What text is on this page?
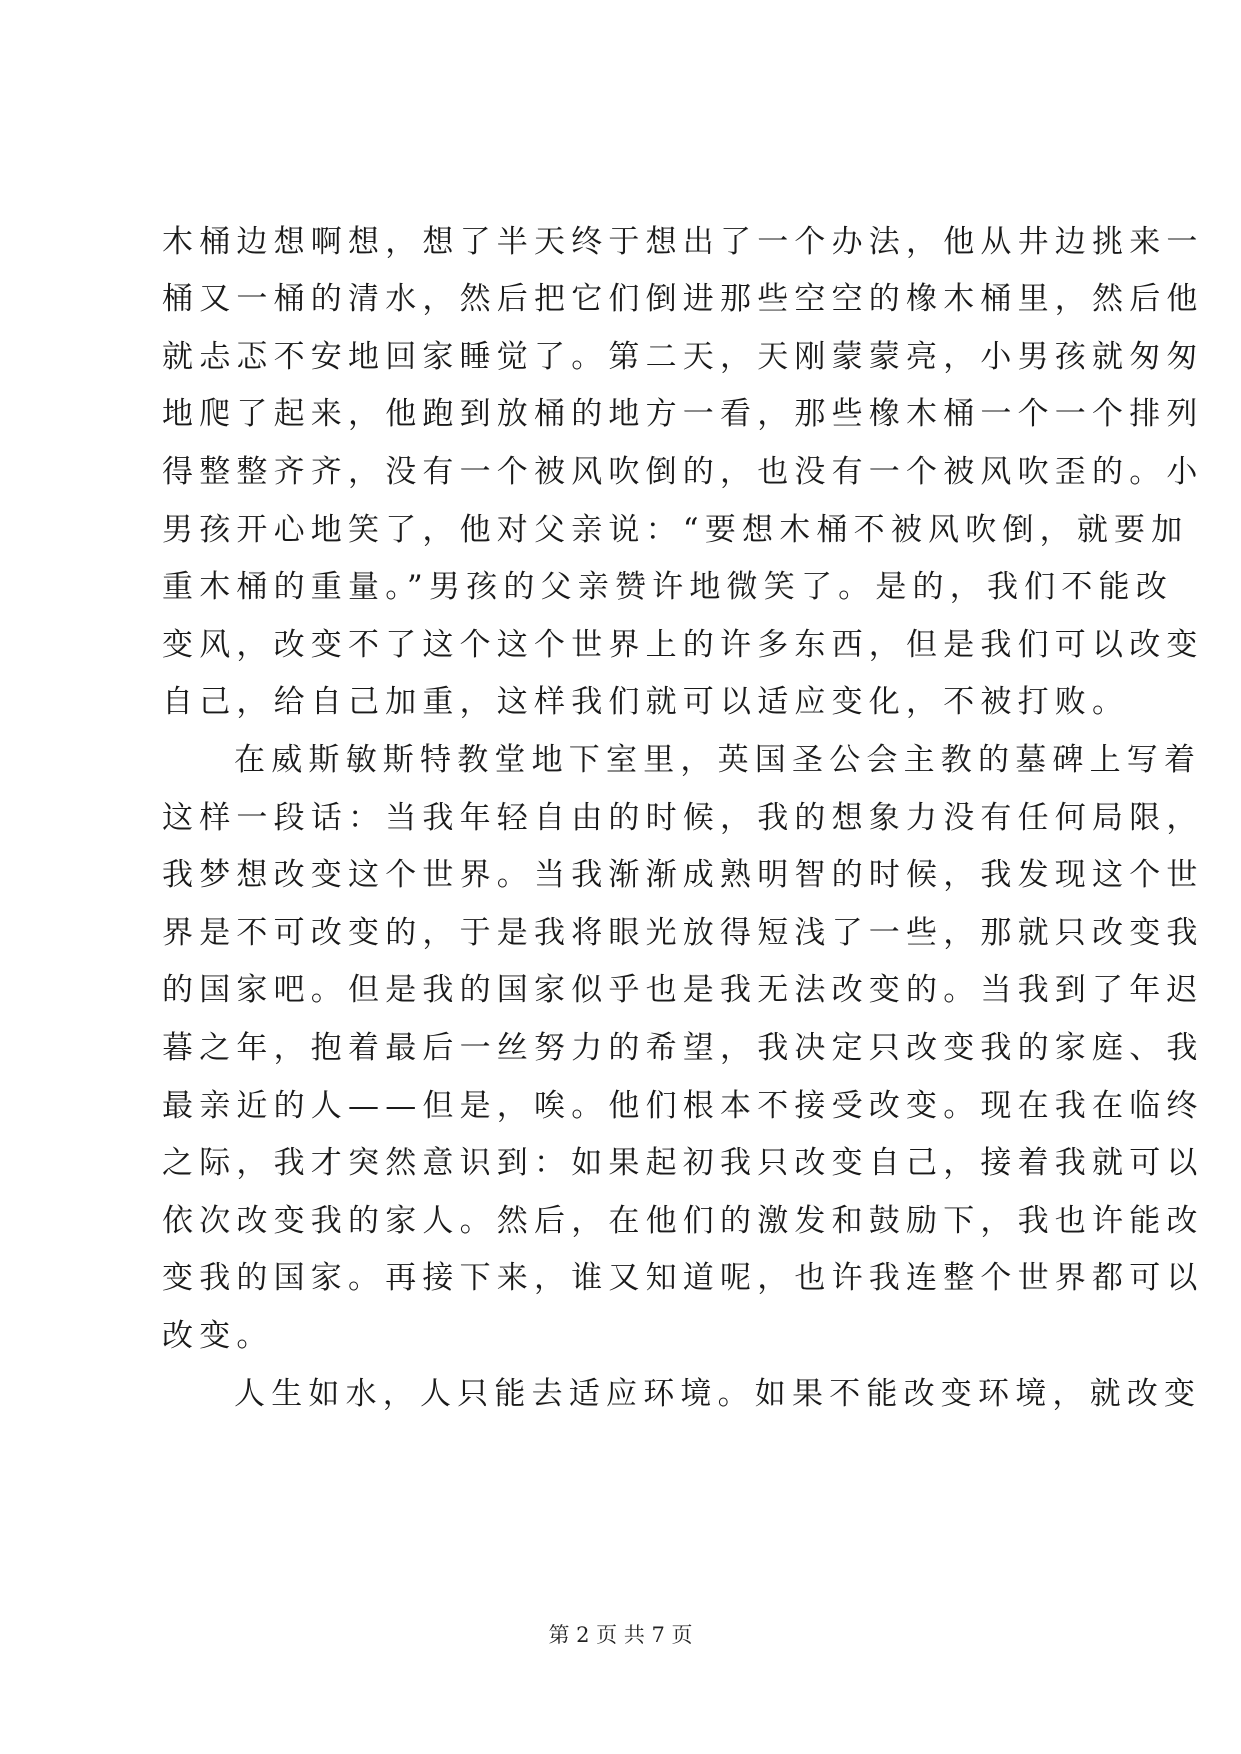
木桶边想啊想，想了半天终于想出了一个办法，他从井边挑来一
桶又一桶的清水，然后把它们倒进那些空空的橡木桶里，然后他
就忐忑不安地回家睡觉了。第二天，天刚蒙蒙亮，小男孩就匆匆
地爬了起来，他跑到放桶的地方一看，那些橡木桶一个一个排列
得整整齐齐，没有一个被风吹倒的，也没有一个被风吹歪的。小
男孩开心地笑了，他对父亲说：“要想木桶不被风吹倒，就要加
重木桶的重量。”男孩的父亲赞许地微笑了。是的，我们不能改
变风，改变不了这个这个世界上的许多东西，但是我们可以改变
自己，给自己加重，这样我们就可以适应变化，不被打败。
在威斯敏斯特教堂地下室里，英国圣公会主教的墓碑上写着
这样一段话：当我年轻自由的时候，我的想象力没有任何局限，
我梦想改变这个世界。当我渐渐成熟明智的时候，我发现这个世
界是不可改变的，于是我将眼光放得短浅了一些，那就只改变我
的国家吧。但是我的国家似乎也是我无法改变的。当我到了年迟
暮之年，抱着最后一丝努力的希望，我决定只改变我的家庭、我
最亲近的人——但是，唉。他们根本不接受改变。现在我在临终
之际，我才突然意识到：如果起初我只改变自己，接着我就可以
依次改变我的家人。然后，在他们的激发和鼓励下，我也许能改
变我的国家。再接下来，谁又知道呢，也许我连整个世界都可以
改变。
人生如水，人只能去适应环境。如果不能改变环境，就改变
第 2 页 共 7 页
